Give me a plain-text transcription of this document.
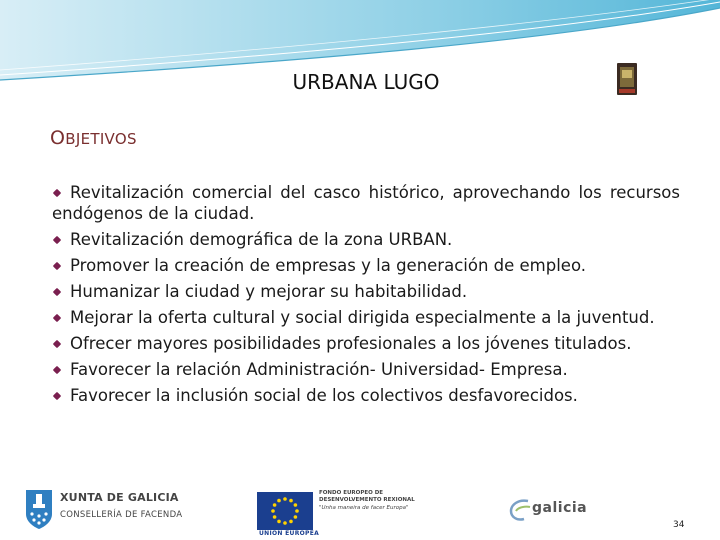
URBANA LUGO
OBJETIVOS
Revitalización comercial del casco histórico, aprovechando los recursos endógenos de la ciudad.
Revitalización demográfica de la zona URBAN.
Promover la creación de empresas y la generación de empleo.
Humanizar la ciudad y mejorar su habitabilidad.
Mejorar la oferta cultural y social dirigida especialmente a la juventud.
Ofrecer mayores posibilidades profesionales a los jóvenes titulados.
Favorecer la relación Administración- Universidad- Empresa.
Favorecer la inclusión social de los colectivos desfavorecidos.
XUNTA DE GALICIA
CONSELLERÍA DE FACENDA
UNIÓN EUROPEA
FONDO EUROPEO DE
DESENVOLVEMENTO REXIONAL
"Unha maneira de facer Europa"	galicia
34
